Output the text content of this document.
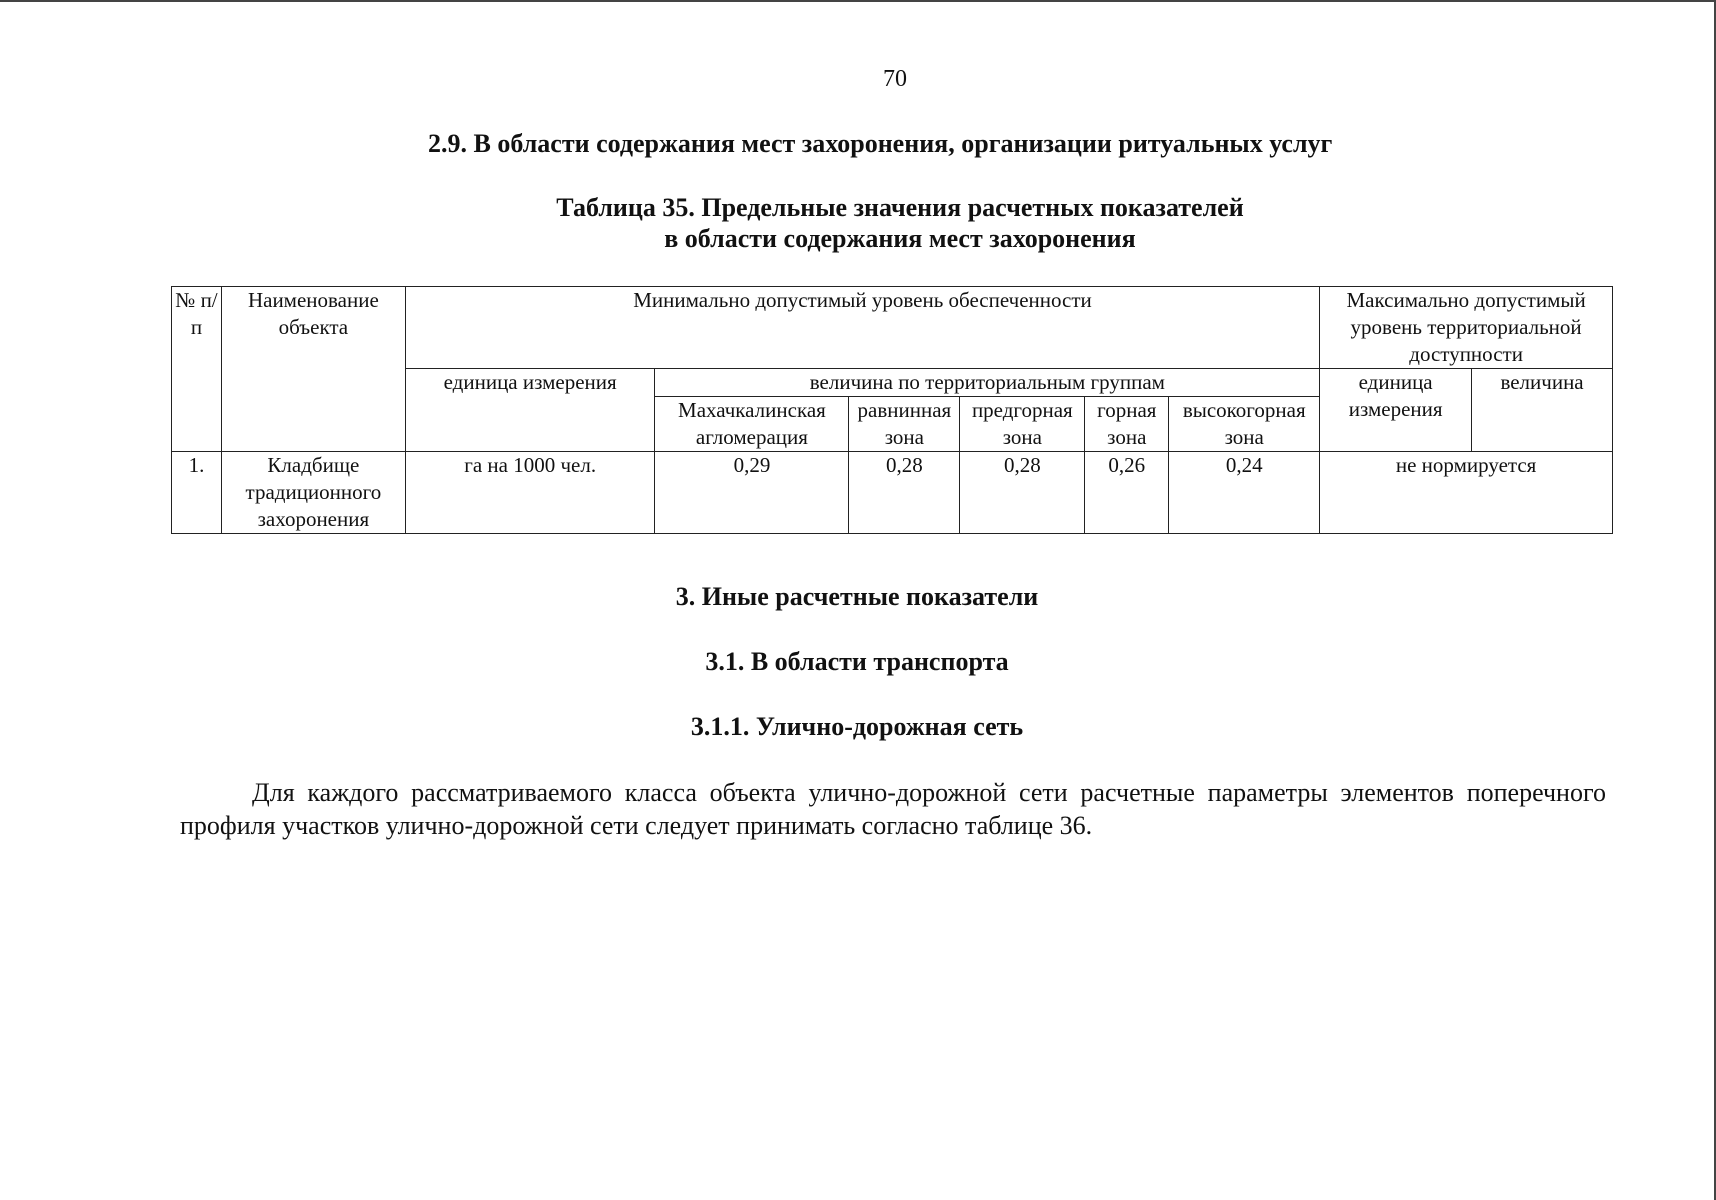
70
2.9. В области содержания мест захоронения, организации ритуальных услуг
Таблица 35. Предельные значения расчетных показателей
в области содержания мест захоронения
№ п/п	Наименование объекта	Минимально допустимый уровень обеспеченности						Максимально допустимый уровень территориальной доступности	
		единица измерения	величина по территориальным группам					единица измерения	величина
			Махачкалинская агломерация	равнинная зона	предгорная зона	горная зона	высокогорная зона		
1.	Кладбище традиционного захоронения	га на 1000 чел.	0,29	0,28	0,28	0,26	0,24	не нормируется	
3. Иные расчетные показатели
3.1. В области транспорта
3.1.1. Улично-дорожная сеть
Для каждого рассматриваемого класса объекта улично-дорожной сети расчетные параметры элементов поперечного профиля участков улично-дорожной сети следует принимать согласно таблице 36.
